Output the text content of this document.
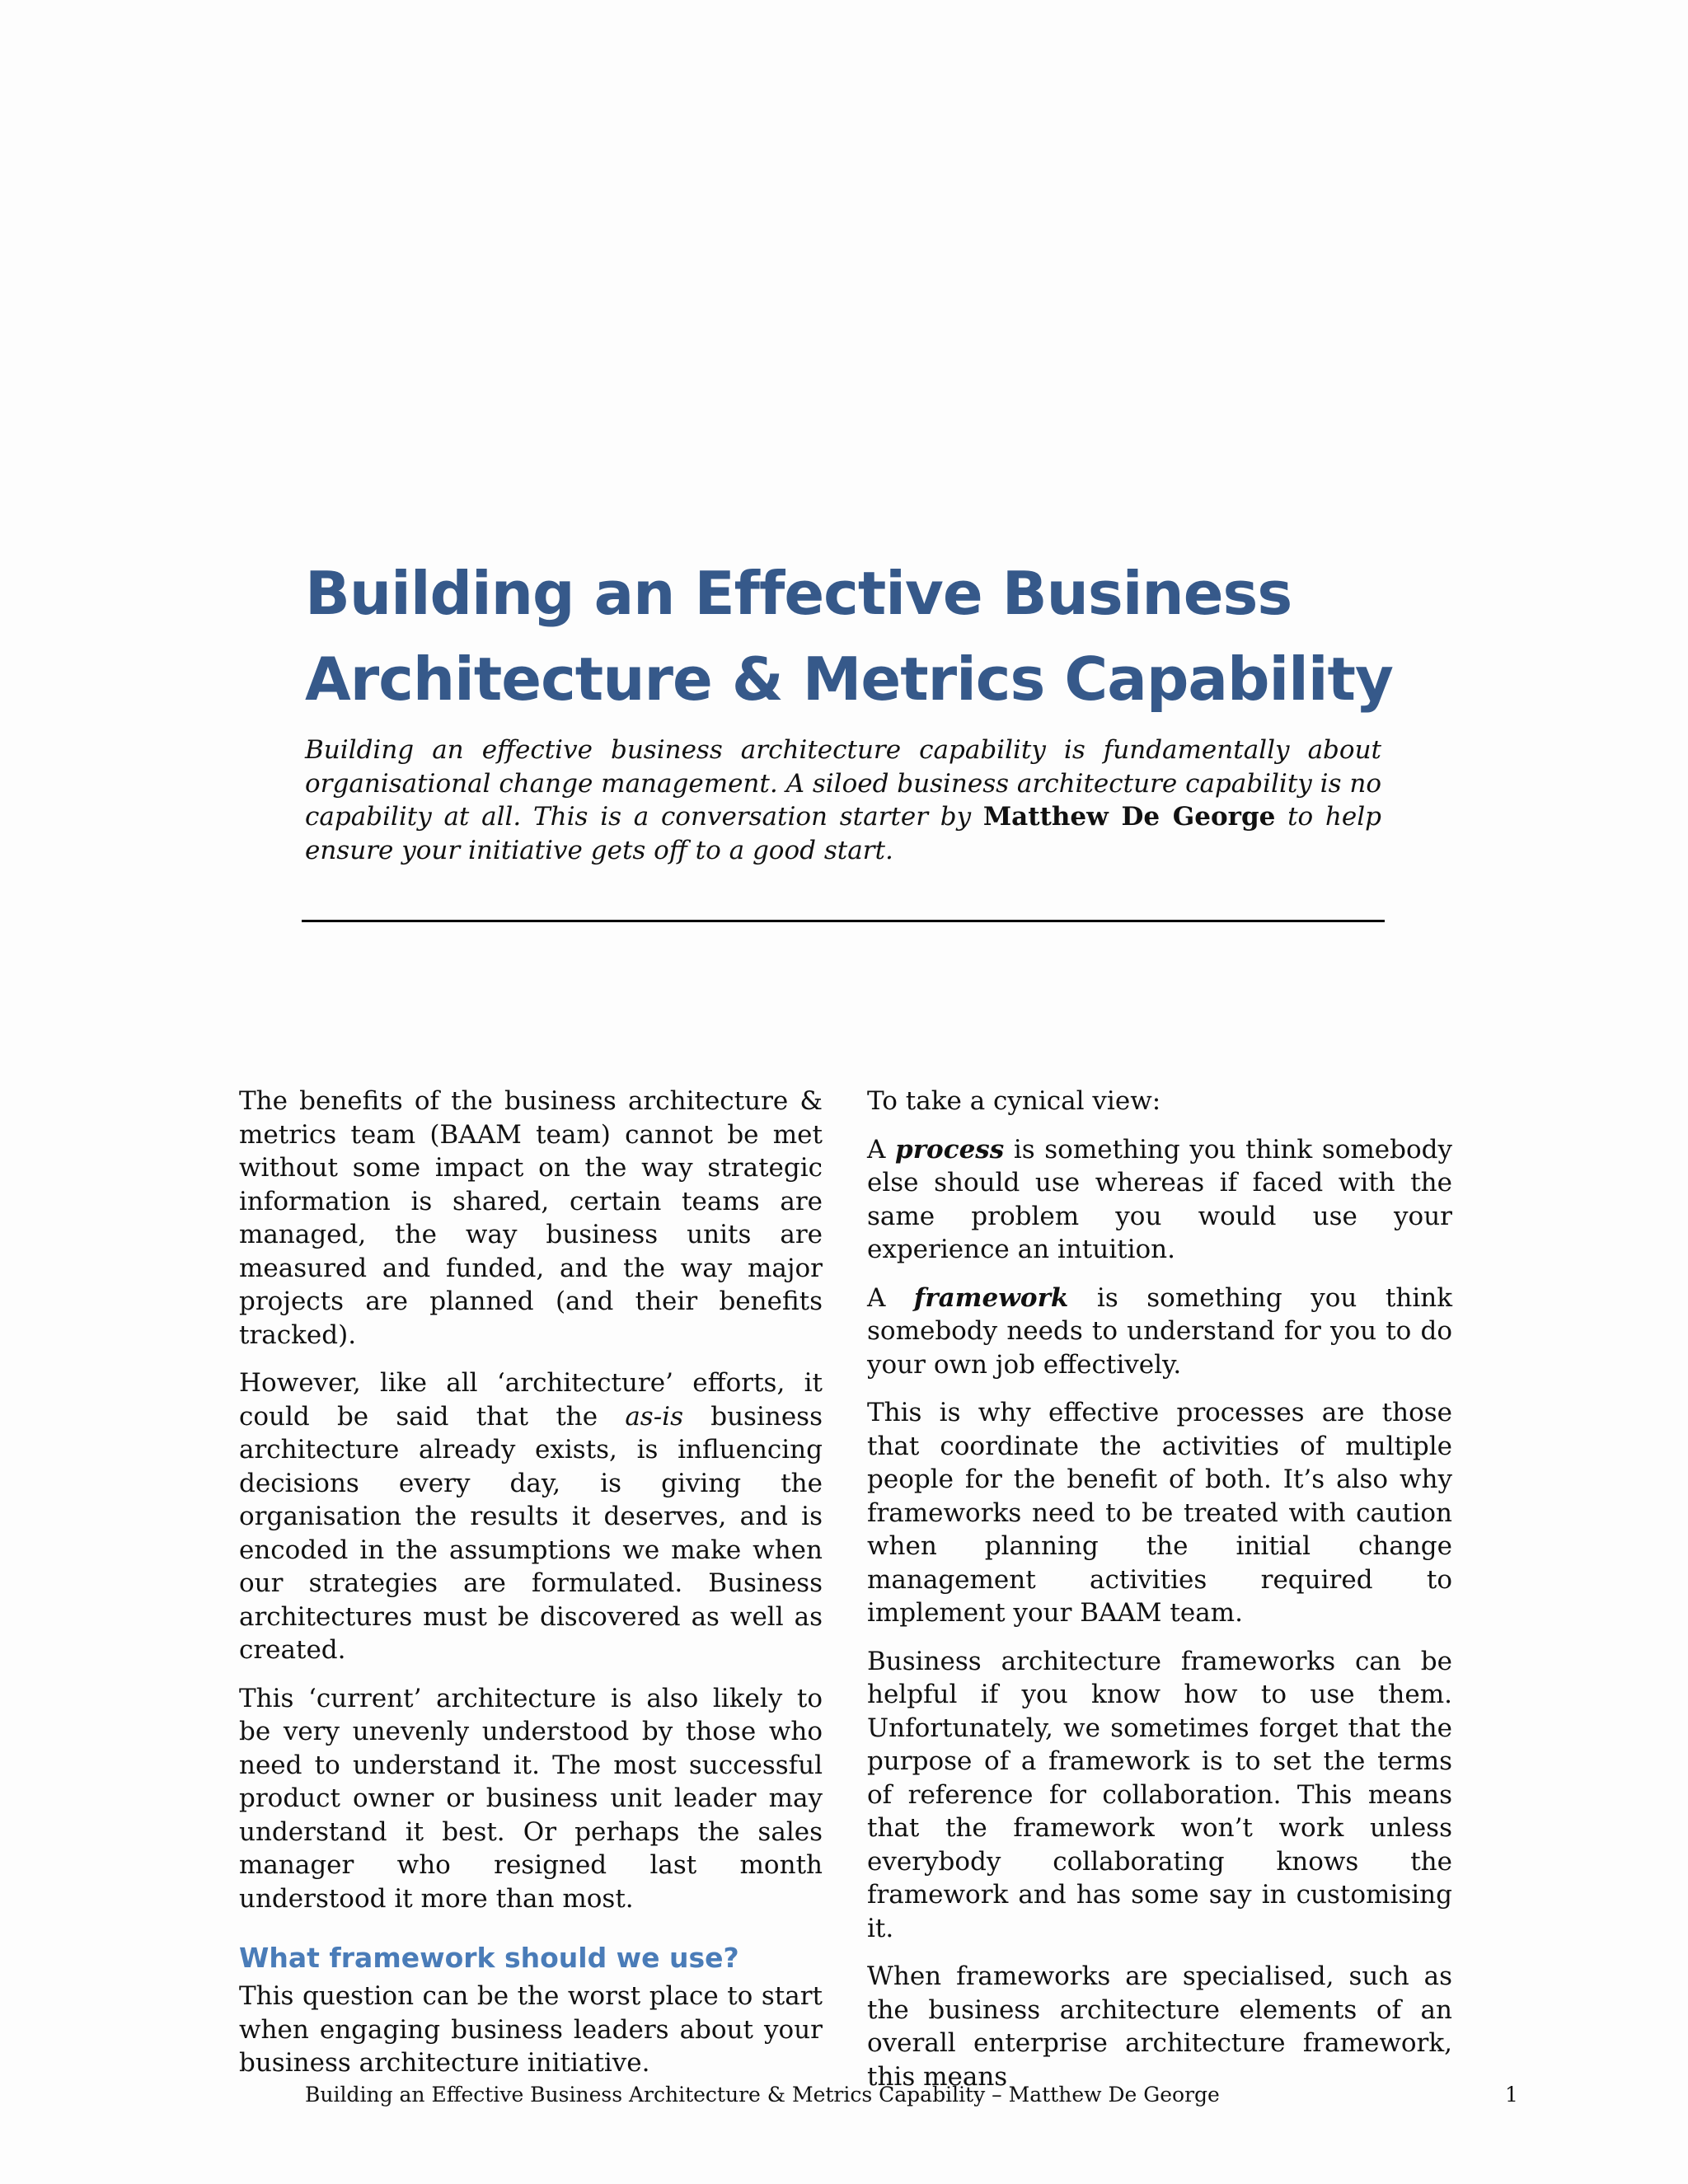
Building an Effective Business
Architecture & Metrics Capability

Building an effective business architecture capability is fundamentally about organisational change management. A siloed business architecture capability is no capability at all. This is a conversation starter by Matthew De George to help ensure your initiative gets off to a good start.

The benefits of the business architecture & metrics team (BAAM team) cannot be met without some impact on the way strategic information is shared, certain teams are managed, the way business units are measured and funded, and the way major projects are planned (and their benefits tracked).

However, like all ‘architecture’ efforts, it could be said that the as-is business architecture already exists, is influencing decisions every day, is giving the organisation the results it deserves, and is encoded in the assumptions we make when our strategies are formulated. Business architectures must be discovered as well as created.

This ‘current’ architecture is also likely to be very unevenly understood by those who need to understand it. The most successful product owner or business unit leader may understand it best. Or perhaps the sales manager who resigned last month understood it more than most.

What framework should we use?

This question can be the worst place to start when engaging business leaders about your business architecture initiative.

To take a cynical view:

A process is something you think somebody else should use whereas if faced with the same problem you would use your experience an intuition.

A framework is something you think somebody needs to understand for you to do your own job effectively.

This is why effective processes are those that coordinate the activities of multiple people for the benefit of both. It’s also why frameworks need to be treated with caution when planning the initial change management activities required to implement your BAAM team.

Business architecture frameworks can be helpful if you know how to use them. Unfortunately, we sometimes forget that the purpose of a framework is to set the terms of reference for collaboration. This means that the framework won’t work unless everybody collaborating knows the framework and has some say in customising it.

When frameworks are specialised, such as the business architecture elements of an overall enterprise architecture framework, this means

Building an Effective Business Architecture & Metrics Capability – Matthew De George	1
